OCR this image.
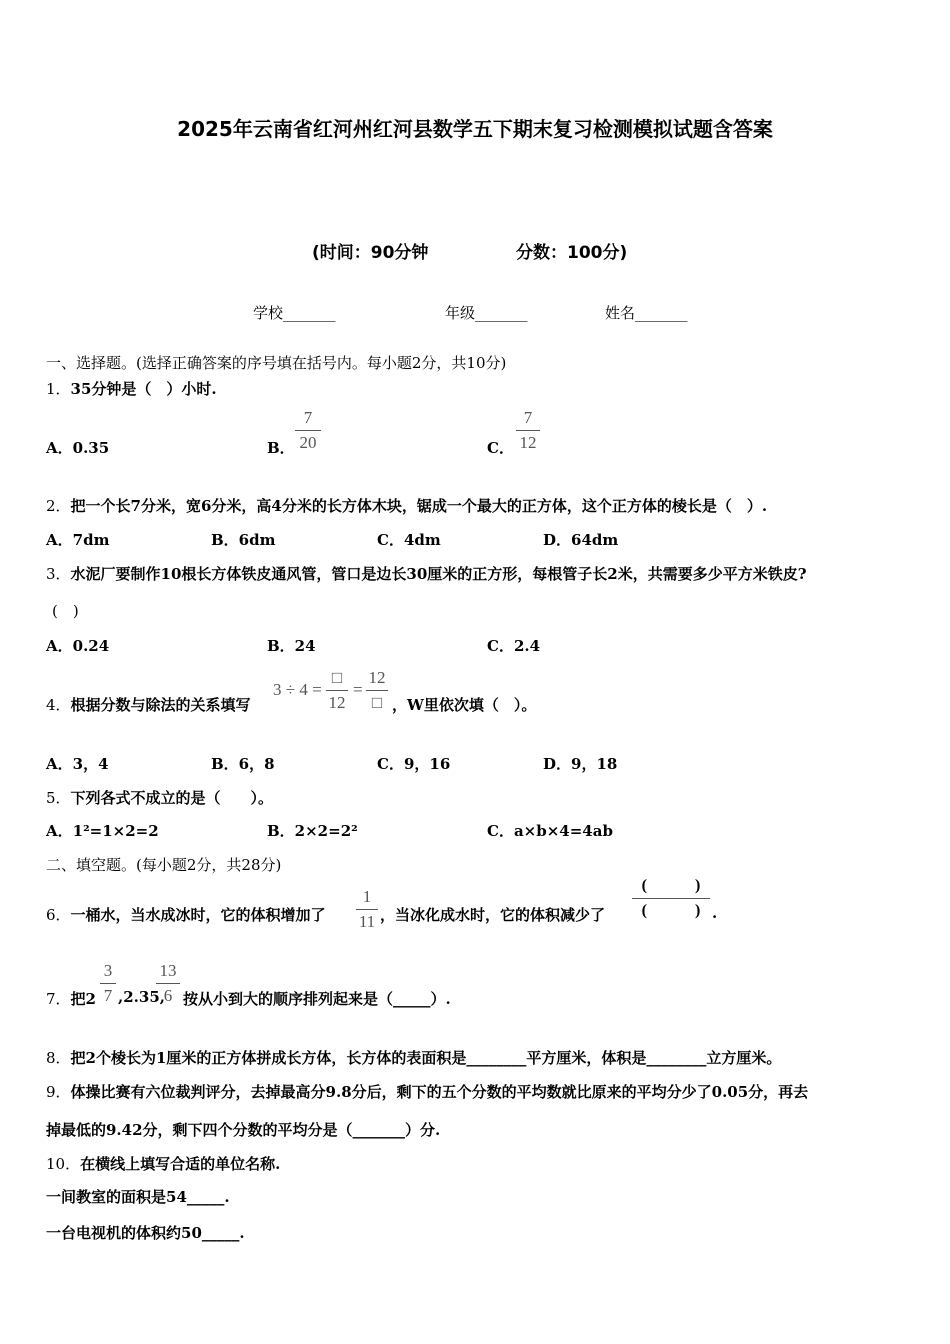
2025年云南省红河州红河县数学五下期末复习检测模拟试题含答案
(时间：90分钟	分数：100分)
学校_______	年级_______	姓名_______
一、选择题。(选择正确答案的序号填在括号内。每小题2分，共10分)
1．35分钟是（　）小时.
A．0.35	B．
7
20	C．
7
12
2．把一个长7分米，宽6分米，高4分米的长方体木块，锯成一个最大的正方体，这个正方体的棱长是（　）.
A．7dm	B．6dm	C．4dm	D．64dm
3．水泥厂要制作10根长方体铁皮通风管，管口是边长30厘米的正方形，每根管子长2米，共需要多少平方米铁皮?
(　)
A．0.24	B．24	C．2.4
4．根据分数与除法的关系填写
3 ÷ 4 =
□
12
=
12
□ ，W里依次填（　）。
A．3，4	B．6，8	C．9，16	D．9，18
5．下列各式不成立的是（　　）。
A．1²=1×2=2	B．2×2=2²	C．a×b×4=4ab
二、填空题。(每小题2分，共28分)
6．一桶水，当水成冰时，它的体积增加了
1
11 ，当冰化成水时，它的体积减少了
(　　　)
(　　　) .
7．把2
3
7 ,2.35,
13
6 按从小到大的顺序排列起来是（_____）.
8．把2个棱长为1厘米的正方体拼成长方体，长方体的表面积是________平方厘米，体积是________立方厘米。
9．体操比赛有六位裁判评分，去掉最高分9.8分后，剩下的五个分数的平均数就比原来的平均分少了0.05分，再去
掉最低的9.42分，剩下四个分数的平均分是（_______）分.
10．在横线上填写合适的单位名称.
一间教室的面积是54_____.
一台电视机的体积约50_____.
